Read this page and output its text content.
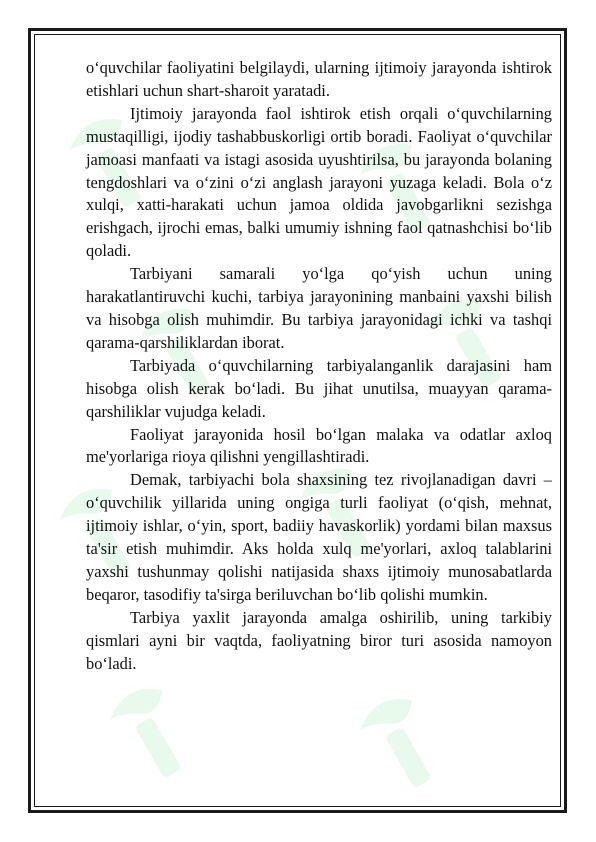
o‘quvchilar faoliyatini belgilaydi, ularning ijtimoiy jarayonda ishtirok etishlari uchun shart-sharoit yaratadi.

Ijtimoiy jarayonda faol ishtirok etish orqali o‘quvchilarning mustaqilligi, ijodiy tashabbuskorligi ortib boradi. Faoliyat o‘quvchilar jamoasi manfaati va istagi asosida uyushtirilsa, bu jarayonda bolaning tengdoshlari va o‘zini o‘zi anglash jarayoni yuzaga keladi. Bola o‘z xulqi, xatti-harakati uchun jamoa oldida javobgarlikni sezishga erishgach, ijrochi emas, balki umumiy ishning faol qatnashchisi bo‘lib qoladi.

Tarbiyani samarali yo‘lga qo‘yish uchun uning harakatlantiruvchi kuchi, tarbiya jarayonining manbaini yaxshi bilish va hisobga olish muhimdir. Bu tarbiya jarayonidagi ichki va tashqi qarama-qarshiliklardan iborat.

Tarbiyada o‘quvchilarning tarbiyalanganlik darajasini ham hisobga olish kerak bo‘ladi. Bu jihat unutilsa, muayyan qarama-qarshiliklar vujudga keladi.

Faoliyat jarayonida hosil bo‘lgan malaka va odatlar axloq me'yorlariga rioya qilishni yengillashtiradi.

Demak, tarbiyachi bola shaxsining tez rivojlanadigan davri – o‘quvchilik yillarida uning ongiga turli faoliyat (o‘qish, mehnat, ijtimoiy ishlar, o‘yin, sport, badiiy havaskorlik) yordami bilan maxsus ta'sir etish muhimdir. Aks holda xulq me'yorlari, axloq talablarini yaxshi tushunmay qolishi natijasida shaxs ijtimoiy munosabatlarda beqaror, tasodifiy ta'sirga beriluvchan bo‘lib qolishi mumkin.

Tarbiya yaxlit jarayonda amalga oshirilib, uning tarkibiy qismlari ayni bir vaqtda, faoliyatning biror turi asosida namoyon bo‘ladi.
